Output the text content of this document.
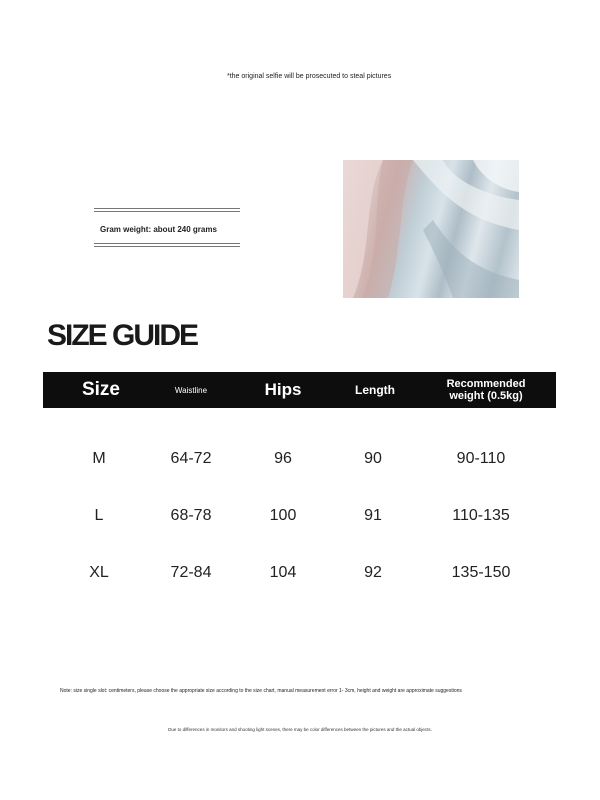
*the original selfie will be prosecuted to steal pictures
Gram weight: about 240 grams
SIZE GUIDE
Size	Waistline	Hips	Length	Recommended
weight (0.5kg)
M	64-72	96	90	90-110
L	68-78	100	91	110-135
XL	72-84	104	92	135-150
Note: size single slot: centimeters, please choose the appropriate size according to the size chart, manual measurement error 1- 3cm, height and weight are approximate suggestions
Due to differences in monitors and shooting light scenes, there may be color differences between the pictures and the actual objects.
